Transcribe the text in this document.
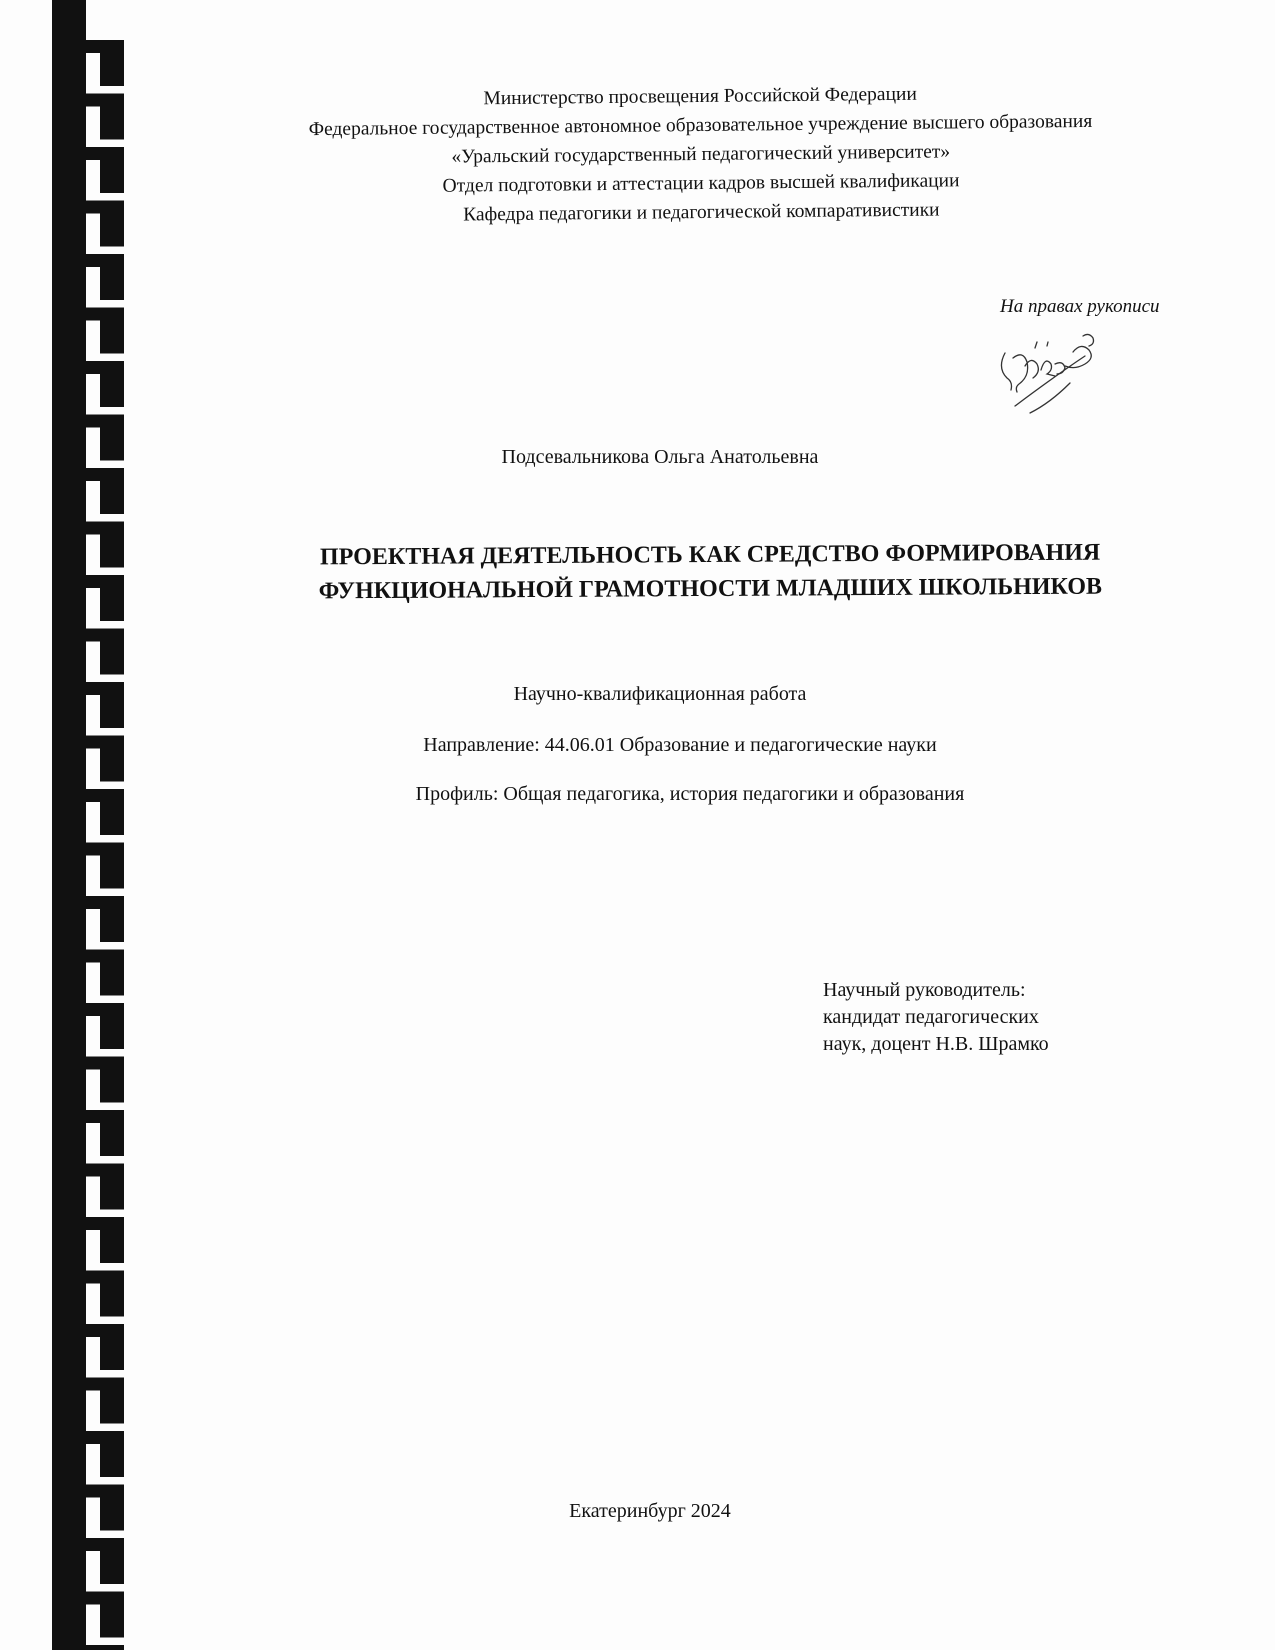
Министерство просвещения Российской Федерации
Федеральное государственное автономное образовательное учреждение высшего образования
«Уральский государственный педагогический университет»
Отдел подготовки и аттестации кадров высшей квалификации
Кафедра педагогики и педагогической компаративистики
На правах рукописи
Подсевальникова Ольга Анатольевна
ПРОЕКТНАЯ ДЕЯТЕЛЬНОСТЬ КАК СРЕДСТВО ФОРМИРОВАНИЯ
ФУНКЦИОНАЛЬНОЙ ГРАМОТНОСТИ МЛАДШИХ ШКОЛЬНИКОВ
Научно-квалификационная работа
Направление: 44.06.01 Образование и педагогические науки
Профиль: Общая педагогика, история педагогики и образования
Научный руководитель:
кандидат педагогических
наук, доцент Н.В. Шрамко
Екатеринбург 2024
